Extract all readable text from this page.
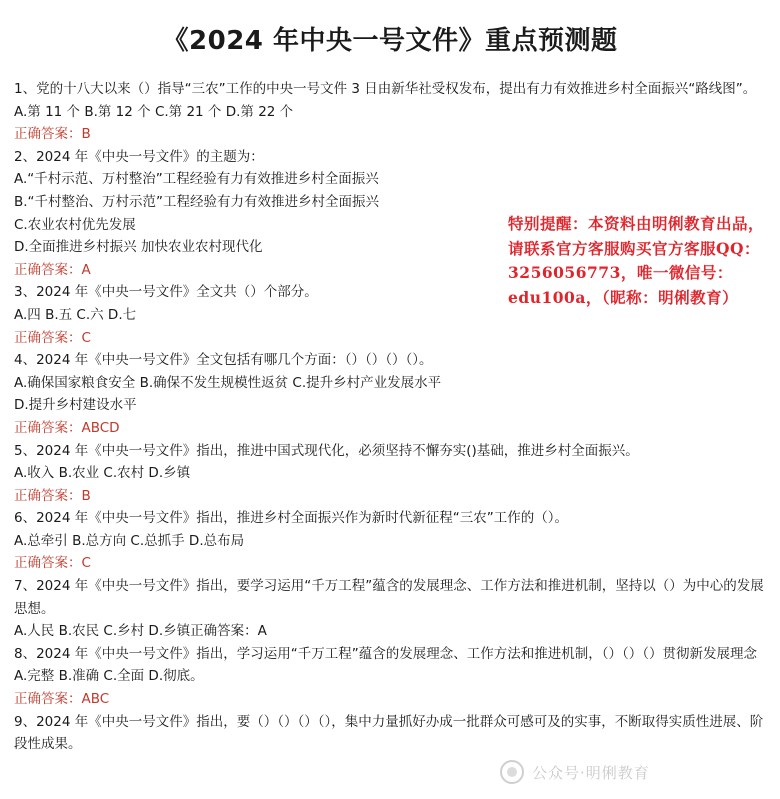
《2024 年中央一号文件》重点预测题
1、党的十八大以来（）指导“三农”工作的中央一号文件 3 日由新华社受权发布，提出有力有效推进乡村全面振兴“路线图”。
A.第 11 个 B.第 12 个 C.第 21 个 D.第 22 个
正确答案：B
2、2024 年《中央一号文件》的主题为：
A.“千村示范、万村整治”工程经验有力有效推进乡村全面振兴
B.“千村整治、万村示范”工程经验有力有效推进乡村全面振兴
C.农业农村优先发展
D.全面推进乡村振兴 加快农业农村现代化
正确答案：A
3、2024 年《中央一号文件》全文共（）个部分。
A.四 B.五 C.六 D.七
正确答案：C
4、2024 年《中央一号文件》全文包括有哪几个方面：（）（）（）（）。
A.确保国家粮食安全 B.确保不发生规模性返贫 C.提升乡村产业发展水平
D.提升乡村建设水平
正确答案：ABCD
5、2024 年《中央一号文件》指出，推进中国式现代化，必须坚持不懈夯实()基础，推进乡村全面振兴。
A.收入 B.农业 C.农村 D.乡镇
正确答案：B
6、2024 年《中央一号文件》指出，推进乡村全面振兴作为新时代新征程“三农”工作的（）。
A.总牵引 B.总方向 C.总抓手 D.总布局
正确答案：C
7、2024 年《中央一号文件》指出，要学习运用“千万工程”蕴含的发展理念、工作方法和推进机制，坚持以（）为中心的发展思想。
A.人民 B.农民 C.乡村 D.乡镇正确答案：A
8、2024 年《中央一号文件》指出，学习运用“千万工程”蕴含的发展理念、工作方法和推进机制，（）（）（）贯彻新发展理念
A.完整 B.准确 C.全面 D.彻底。
正确答案：ABC
9、2024 年《中央一号文件》指出，要（）（）（）（），集中力量抓好办成一批群众可感可及的实事，不断取得实质性进展、阶段性成果。
特别提醒：本资料由明俐教育出品，请联系官方客服购买官方客服QQ：3256056773，唯一微信号：edu100a，（昵称：明俐教育）
公众号·明俐教育
